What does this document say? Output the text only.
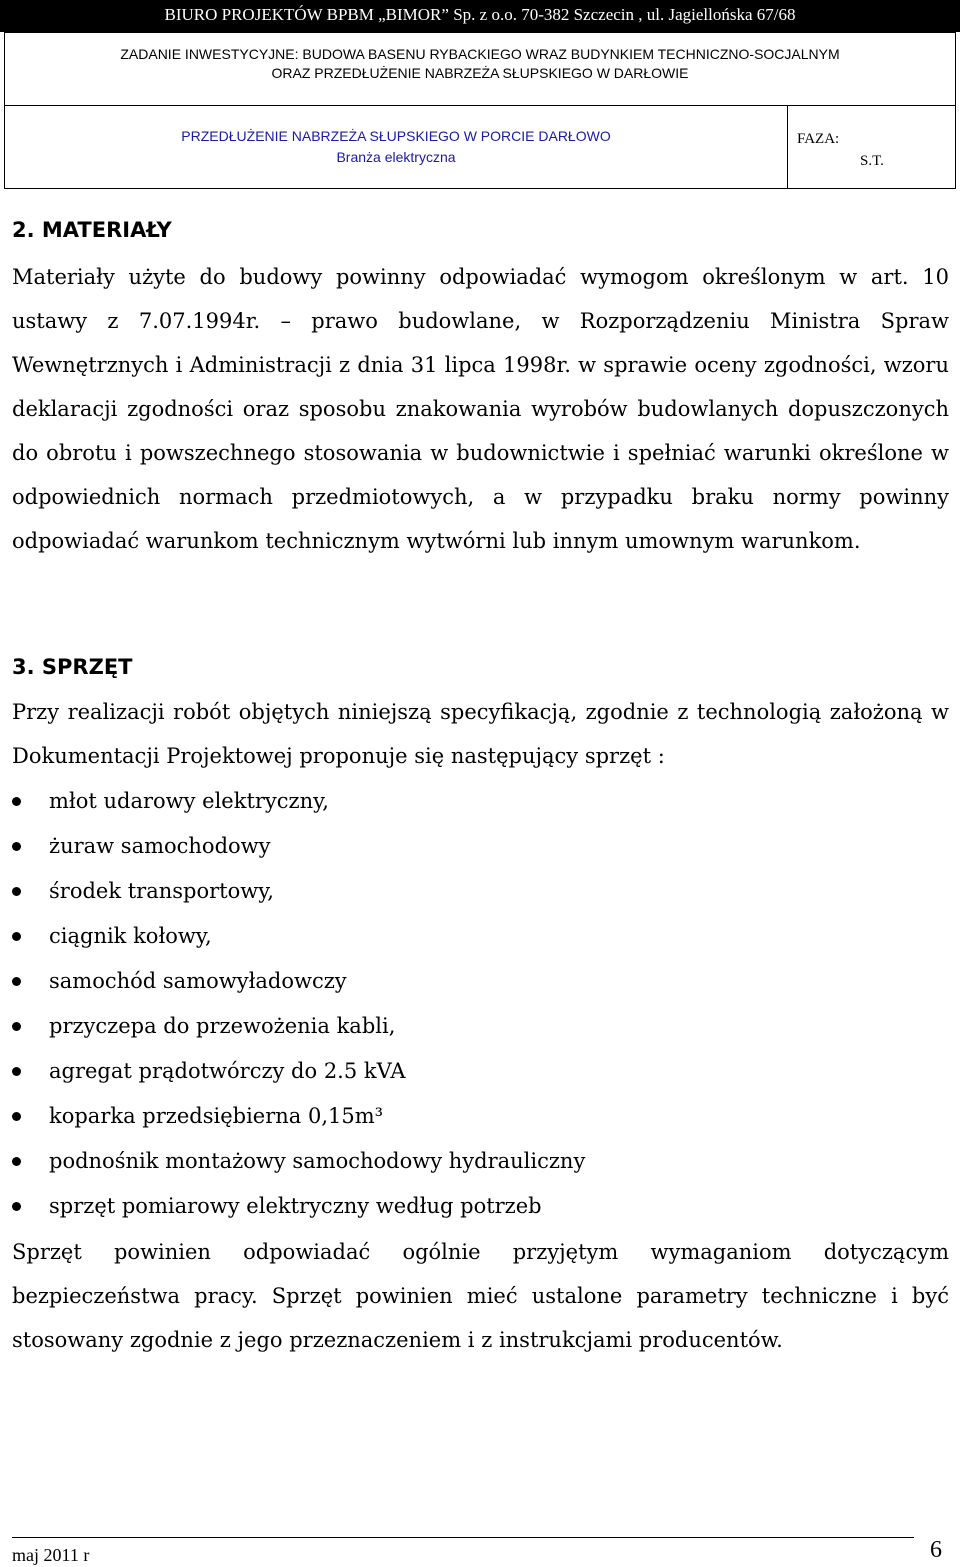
BIURO PROJEKTÓW BPBM „BIMOR” Sp. z o.o. 70-382 Szczecin , ul. Jagiellońska 67/68
ZADANIE INWESTYCYJNE: BUDOWA BASENU RYBACKIEGO WRAZ BUDYNKIEM TECHNICZNO-SOCJALNYM
ORAZ PRZEDŁUŻENIE NABRZEŻA SŁUPSKIEGO W DARŁOWIE
PRZEDŁUŻENIE NABRZEŻA SŁUPSKIEGO W PORCIE DARŁOWO
Branża elektryczna
FAZA:
S.T.
2. MATERIAŁY
Materiały użyte do budowy powinny odpowiadać wymogom określonym w art. 10 ustawy z 7.07.1994r. – prawo budowlane, w Rozporządzeniu Ministra Spraw Wewnętrznych i Administracji z dnia 31 lipca 1998r. w sprawie oceny zgodności, wzoru deklaracji zgodności oraz sposobu znakowania wyrobów budowlanych dopuszczonych do obrotu i powszechnego stosowania w budownictwie i spełniać warunki określone w odpowiednich normach przedmiotowych, a w przypadku braku normy powinny odpowiadać warunkom technicznym wytwórni lub innym umownym warunkom.
3. SPRZĘT
Przy realizacji robót objętych niniejszą specyfikacją, zgodnie z technologią założoną w Dokumentacji Projektowej proponuje się następujący sprzęt :
młot udarowy elektryczny,
żuraw samochodowy
środek transportowy,
ciągnik kołowy,
samochód samowyładowczy
przyczepa do przewożenia kabli,
agregat prądotwórczy do 2.5 kVA
koparka przedsiębierna 0,15m³
podnośnik montażowy samochodowy hydrauliczny
sprzęt pomiarowy elektryczny według potrzeb
Sprzęt powinien odpowiadać ogólnie przyjętym wymaganiom dotyczącym bezpieczeństwa pracy. Sprzęt powinien mieć ustalone parametry techniczne i być stosowany zgodnie z jego przeznaczeniem i z instrukcjami producentów.
maj 2011 r	6
